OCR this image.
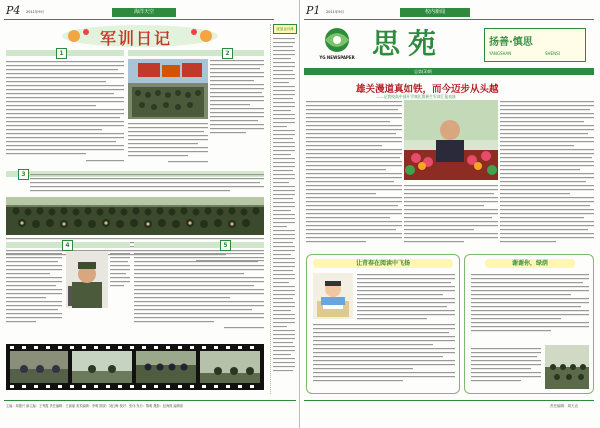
P4 2011年9月	海洋天空
军训日记
1	2
3
4	5
逐浪金沙滩
主编：周德兴 副主编：王秀霞 责任编辑：王丽丽 美术编辑：李明 排版：刘红梅 校对：张伟 发行：陈明 摄影：赵海波 编辑部
P1 2011年9月	校内新闻
YG NEWSPAPER 思苑	扬善·慎思
YANGSHAN	SHENSI
总第(3)期
雄关漫道真如铁，而今迈步从头越
——记我校高中部开学典礼暨新生军训汇报表演
让青春在阅读中飞扬	谢谢你，绿荫
责任编辑：周天洁
